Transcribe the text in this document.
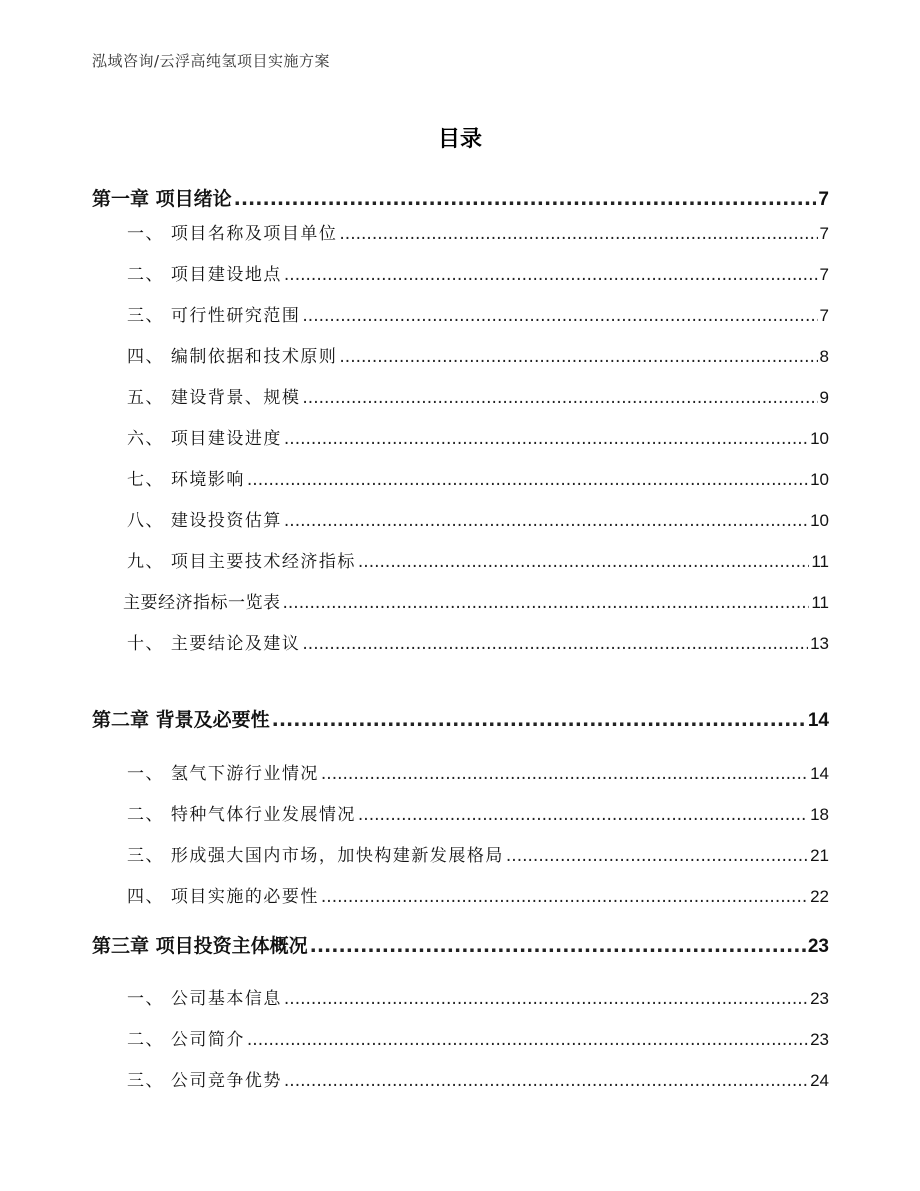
泓域咨询/云浮高纯氢项目实施方案
目录
第一章 项目绪论 .....	7
一、 项目名称及项目单位 .....	7
二、 项目建设地点 .....	7
三、 可行性研究范围 .....	7
四、 编制依据和技术原则 .....	8
五、 建设背景、规模 .....	9
六、 项目建设进度 .....	10
七、 环境影响 .....	10
八、 建设投资估算 .....	10
九、 项目主要技术经济指标 .....	11
主要经济指标一览表 .....	11
十、 主要结论及建议 .....	13
第二章 背景及必要性 .....	14
一、 氢气下游行业情况 .....	14
二、 特种气体行业发展情况 .....	18
三、 形成强大国内市场，加快构建新发展格局 .....	21
四、 项目实施的必要性 .....	22
第三章 项目投资主体概况 .....	23
一、 公司基本信息 .....	23
二、 公司简介 .....	23
三、 公司竞争优势 .....	24
